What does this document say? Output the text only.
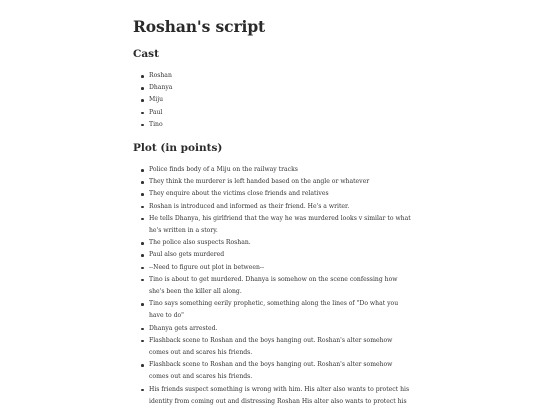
Roshan's script
Cast
Roshan
Dhanya
Miju
Paul
Tino
Plot (in points)
Police finds body of a Miju on the railway tracks
They think the murderer is left handed based on the angle or whatever
They enquire about the victims close friends and relatives
Roshan is introduced and informed as their friend. He's a writer.
He tells Dhanya, his girlfriend that the way he was murdered looks v similar to what he's written in a story.
The police also suspects Roshan.
Paul also gets murdered
--Need to figure out plot in between--
Tino is about to get murdered. Dhanya is somehow on the scene confessing how she's been the killer all along.
Tino says something eerily prophetic, something along the lines of "Do what you have to do"
Dhanya gets arrested.
Flashback scene to Roshan and the boys hanging out. Roshan's alter somehow comes out and scares his friends.
Flashback scene to Roshan and the boys hanging out. Roshan's alter somehow comes out and scares his friends.
His friends suspect something is wrong with him. His alter also wants to protect his identity from coming out and distressing Roshan His alter also wants to protect his
